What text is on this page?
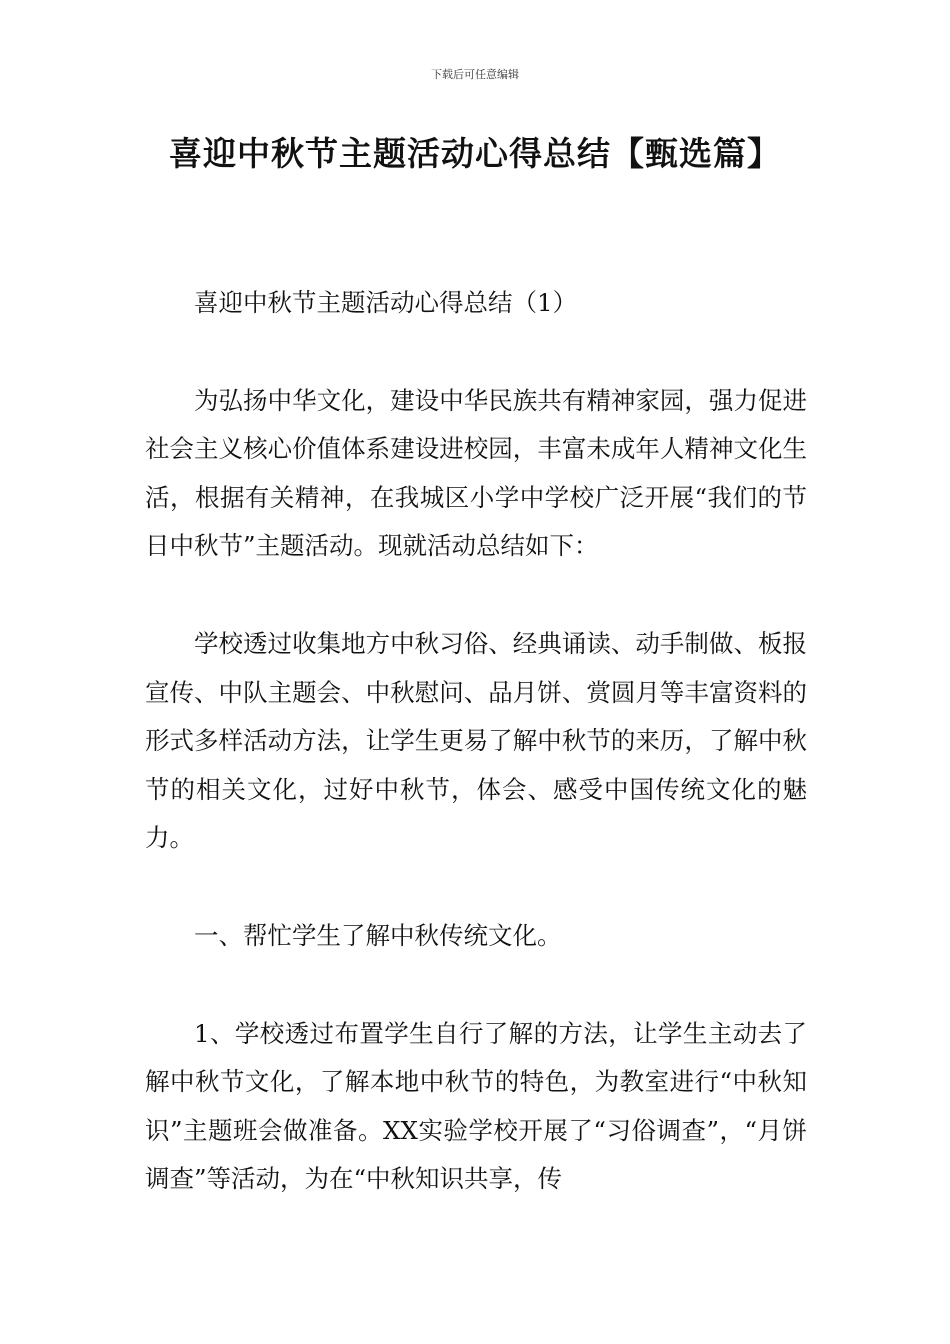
下载后可任意编辑
喜迎中秋节主题活动心得总结【甄选篇】

喜迎中秋节主题活动心得总结（1）

为弘扬中华文化，建设中华民族共有精神家园，强力促进社会主义核心价值体系建设进校园，丰富未成年人精神文化生活，根据有关精神，在我城区小学中学校广泛开展“我们的节日中秋节”主题活动。现就活动总结如下：

学校透过收集地方中秋习俗、经典诵读、动手制做、板报宣传、中队主题会、中秋慰问、品月饼、赏圆月等丰富资料的形式多样活动方法，让学生更易了解中秋节的来历，了解中秋节的相关文化，过好中秋节，体会、感受中国传统文化的魅力。

一、帮忙学生了解中秋传统文化。

1、学校透过布置学生自行了解的方法，让学生主动去了解中秋节文化，了解本地中秋节的特色，为教室进行“中秋知识”主题班会做准备。XX实验学校开展了“习俗调查”，“月饼调查”等活动，为在“中秋知识共享，传
